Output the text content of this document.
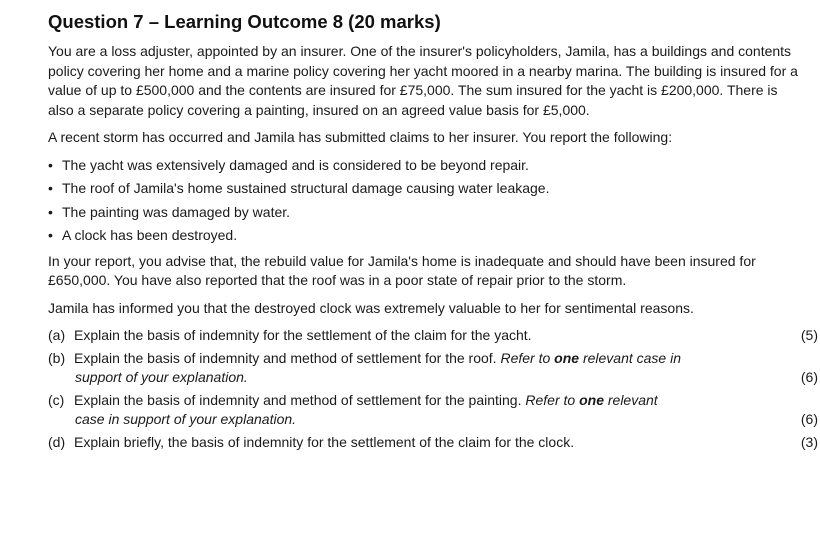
Question 7 – Learning Outcome 8 (20 marks)

You are a loss adjuster, appointed by an insurer. One of the insurer's policyholders, Jamila, has a buildings and contents policy covering her home and a marine policy covering her yacht moored in a nearby marina. The building is insured for a value of up to £500,000 and the contents are insured for £75,000. The sum insured for the yacht is £200,000. There is also a separate policy covering a painting, insured on an agreed value basis for £5,000.

A recent storm has occurred and Jamila has submitted claims to her insurer. You report the following:

• The yacht was extensively damaged and is considered to be beyond repair.
• The roof of Jamila's home sustained structural damage causing water leakage.
• The painting was damaged by water.
• A clock has been destroyed.

In your report, you advise that, the rebuild value for Jamila's home is inadequate and should have been insured for £650,000. You have also reported that the roof was in a poor state of repair prior to the storm.

Jamila has informed you that the destroyed clock was extremely valuable to her for sentimental reasons.

(a) Explain the basis of indemnity for the settlement of the claim for the yacht.	(5)
(b) Explain the basis of indemnity and method of settlement for the roof. Refer to one relevant case in
support of your explanation.	(6)
(c) Explain the basis of indemnity and method of settlement for the painting. Refer to one relevant
case in support of your explanation.	(6)
(d) Explain briefly, the basis of indemnity for the settlement of the claim for the clock.	(3)
